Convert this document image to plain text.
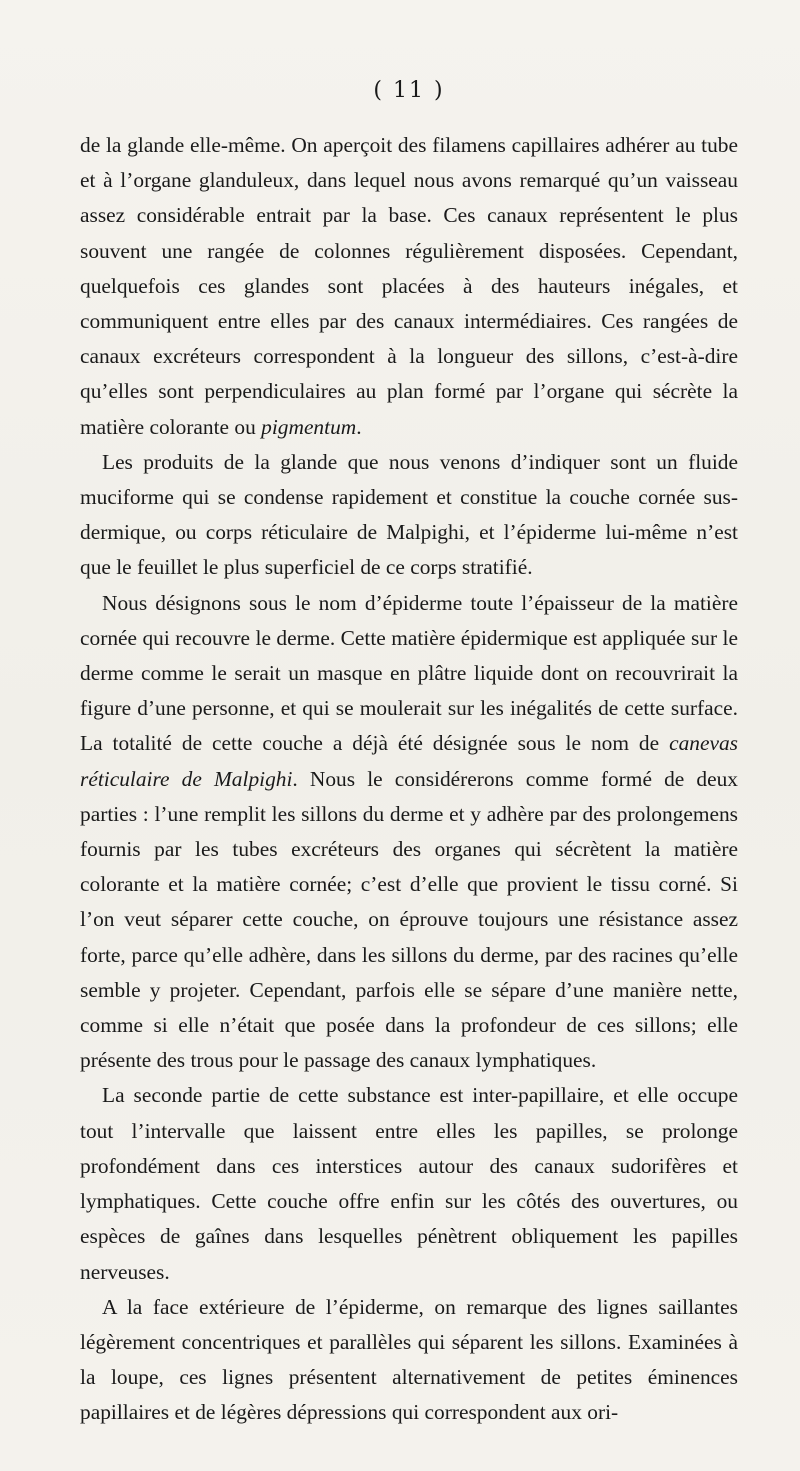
( 11 )

de la glande elle-même. On aperçoit des filamens capillaires adhérer au tube et à l’organe glanduleux, dans lequel nous avons remarqué qu’un vaisseau assez considérable entrait par la base. Ces canaux représentent le plus souvent une rangée de colonnes régulièrement disposées. Cependant, quelquefois ces glandes sont placées à des hauteurs inégales, et communiquent entre elles par des canaux intermédiaires. Ces rangées de canaux excréteurs correspondent à la longueur des sillons, c’est-à-dire qu’elles sont perpendiculaires au plan formé par l’organe qui sécrète la matière colorante ou pigmentum.

Les produits de la glande que nous venons d’indiquer sont un fluide muciforme qui se condense rapidement et constitue la couche cornée sus-dermique, ou corps réticulaire de Malpighi, et l’épiderme lui-même n’est que le feuillet le plus superficiel de ce corps stratifié.

Nous désignons sous le nom d’épiderme toute l’épaisseur de la matière cornée qui recouvre le derme. Cette matière épidermique est appliquée sur le derme comme le serait un masque en plâtre liquide dont on recouvrirait la figure d’une personne, et qui se moulerait sur les inégalités de cette surface. La totalité de cette couche a déjà été désignée sous le nom de canevas réticulaire de Malpighi. Nous le considérerons comme formé de deux parties : l’une remplit les sillons du derme et y adhère par des prolongemens fournis par les tubes excréteurs des organes qui sécrètent la matière colorante et la matière cornée; c’est d’elle que provient le tissu corné. Si l’on veut séparer cette couche, on éprouve toujours une résistance assez forte, parce qu’elle adhère, dans les sillons du derme, par des racines qu’elle semble y projeter. Cependant, parfois elle se sépare d’une manière nette, comme si elle n’était que posée dans la profondeur de ces sillons; elle présente des trous pour le passage des canaux lymphatiques.

La seconde partie de cette substance est inter-papillaire, et elle occupe tout l’intervalle que laissent entre elles les papilles, se prolonge profondément dans ces interstices autour des canaux sudorifères et lymphatiques. Cette couche offre enfin sur les côtés des ouvertures, ou espèces de gaînes dans lesquelles pénètrent obliquement les papilles nerveuses.

A la face extérieure de l’épiderme, on remarque des lignes saillantes légèrement concentriques et parallèles qui séparent les sillons. Examinées à la loupe, ces lignes présentent alternativement de petites éminences papillaires et de légères dépressions qui correspondent aux ori-
